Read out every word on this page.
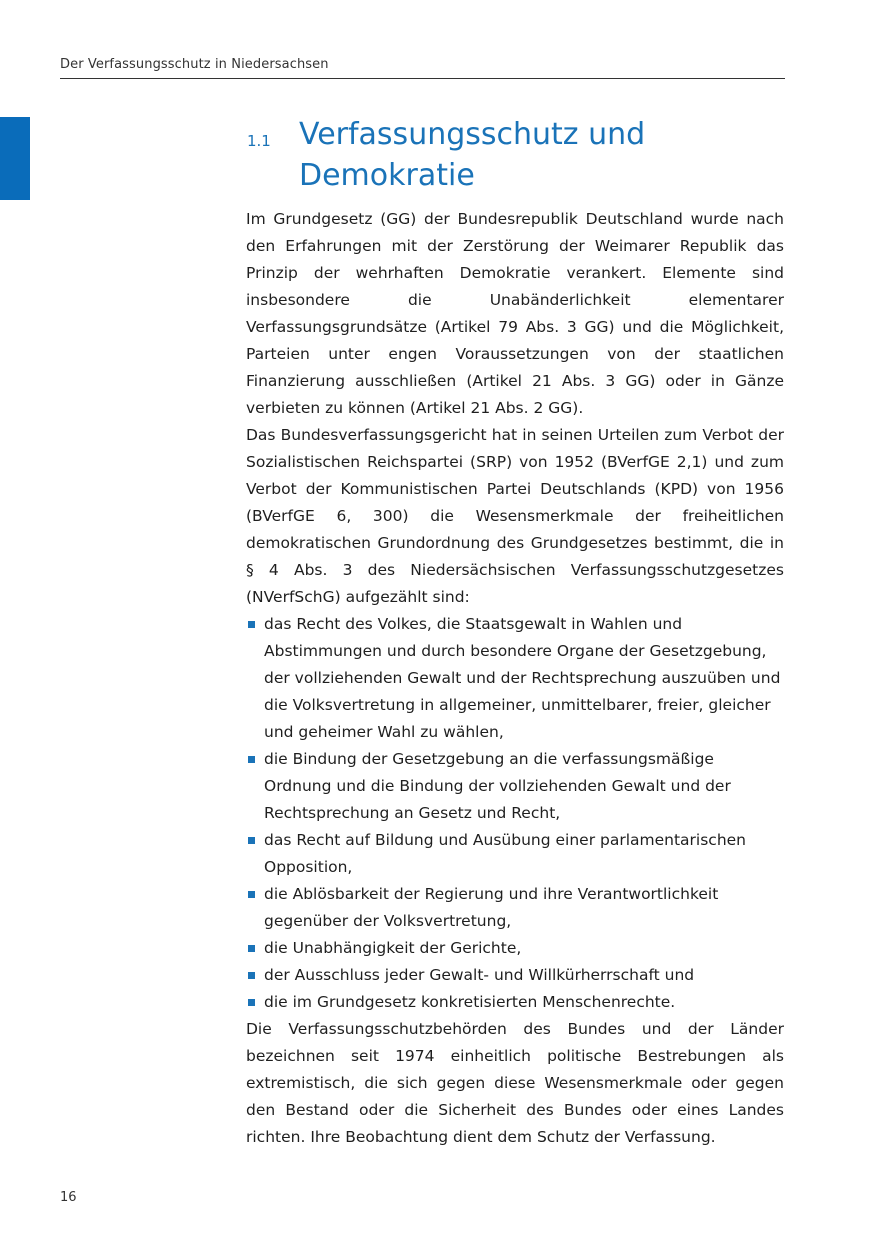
Der Verfassungsschutz in Niedersachsen
1.1 Verfassungsschutz und Demokratie

Im Grundgesetz (GG) der Bundesrepublik Deutschland wurde nach den Erfahrungen mit der Zerstörung der Weimarer Republik das Prinzip der wehrhaften Demokratie verankert. Elemente sind insbesondere die Unabänderlichkeit elementarer Verfassungsgrundsätze (Artikel 79 Abs. 3 GG) und die Möglichkeit, Parteien unter engen Voraussetzungen von der staatlichen Finanzierung ausschließen (Artikel 21 Abs. 3 GG) oder in Gänze verbieten zu können (Artikel 21 Abs. 2 GG).

Das Bundesverfassungsgericht hat in seinen Urteilen zum Verbot der Sozialistischen Reichspartei (SRP) von 1952 (BVerfGE 2,1) und zum Verbot der Kommunistischen Partei Deutschlands (KPD) von 1956 (BVerfGE 6, 300) die Wesensmerkmale der freiheitlichen demokratischen Grundordnung des Grundgesetzes bestimmt, die in § 4 Abs. 3 des Niedersächsischen Verfassungsschutzgesetzes (NVerfSchG) aufgezählt sind:

das Recht des Volkes, die Staatsgewalt in Wahlen und Abstimmungen und durch besondere Organe der Gesetzgebung, der vollziehenden Gewalt und der Rechtsprechung auszuüben und die Volksvertretung in allgemeiner, unmittelbarer, freier, gleicher und geheimer Wahl zu wählen,
die Bindung der Gesetzgebung an die verfassungsmäßige Ordnung und die Bindung der vollziehenden Gewalt und der Rechtsprechung an Gesetz und Recht,
das Recht auf Bildung und Ausübung einer parlamentarischen Opposition,
die Ablösbarkeit der Regierung und ihre Verantwortlichkeit gegenüber der Volksvertretung,
die Unabhängigkeit der Gerichte,
der Ausschluss jeder Gewalt- und Willkürherrschaft und
die im Grundgesetz konkretisierten Menschenrechte.

Die Verfassungsschutzbehörden des Bundes und der Länder bezeichnen seit 1974 einheitlich politische Bestrebungen als extremistisch, die sich gegen diese Wesensmerkmale oder gegen den Bestand oder die Sicherheit des Bundes oder eines Landes richten. Ihre Beobachtung dient dem Schutz der Verfassung.

16
